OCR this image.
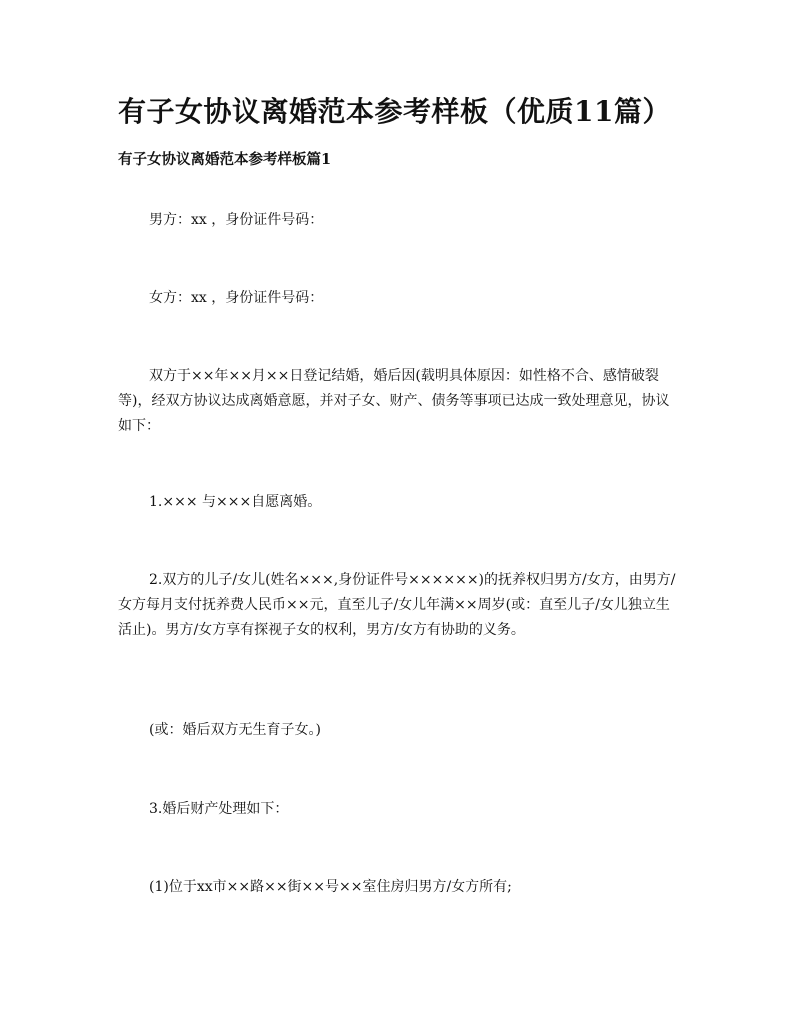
有子女协议离婚范本参考样板（优质11篇）
有子女协议离婚范本参考样板篇1

男方：xx ，身份证件号码：

女方：xx ，身份证件号码：

双方于××年××月××日登记结婚，婚后因(载明具体原因：如性格不合、感情破裂等)，经双方协议达成离婚意愿，并对子女、财产、债务等事项已达成一致处理意见，协议如下：

1.××× 与×××自愿离婚。

2.双方的儿子/女儿(姓名×××,身份证件号××××××)的抚养权归男方/女方，由男方/女方每月支付抚养费人民币××元，直至儿子/女儿年满××周岁(或：直至儿子/女儿独立生活止)。男方/女方享有探视子女的权利，男方/女方有协助的义务。

(或：婚后双方无生育子女。)

3.婚后财产处理如下：

(1)位于xx市××路××街××号××室住房归男方/女方所有;
